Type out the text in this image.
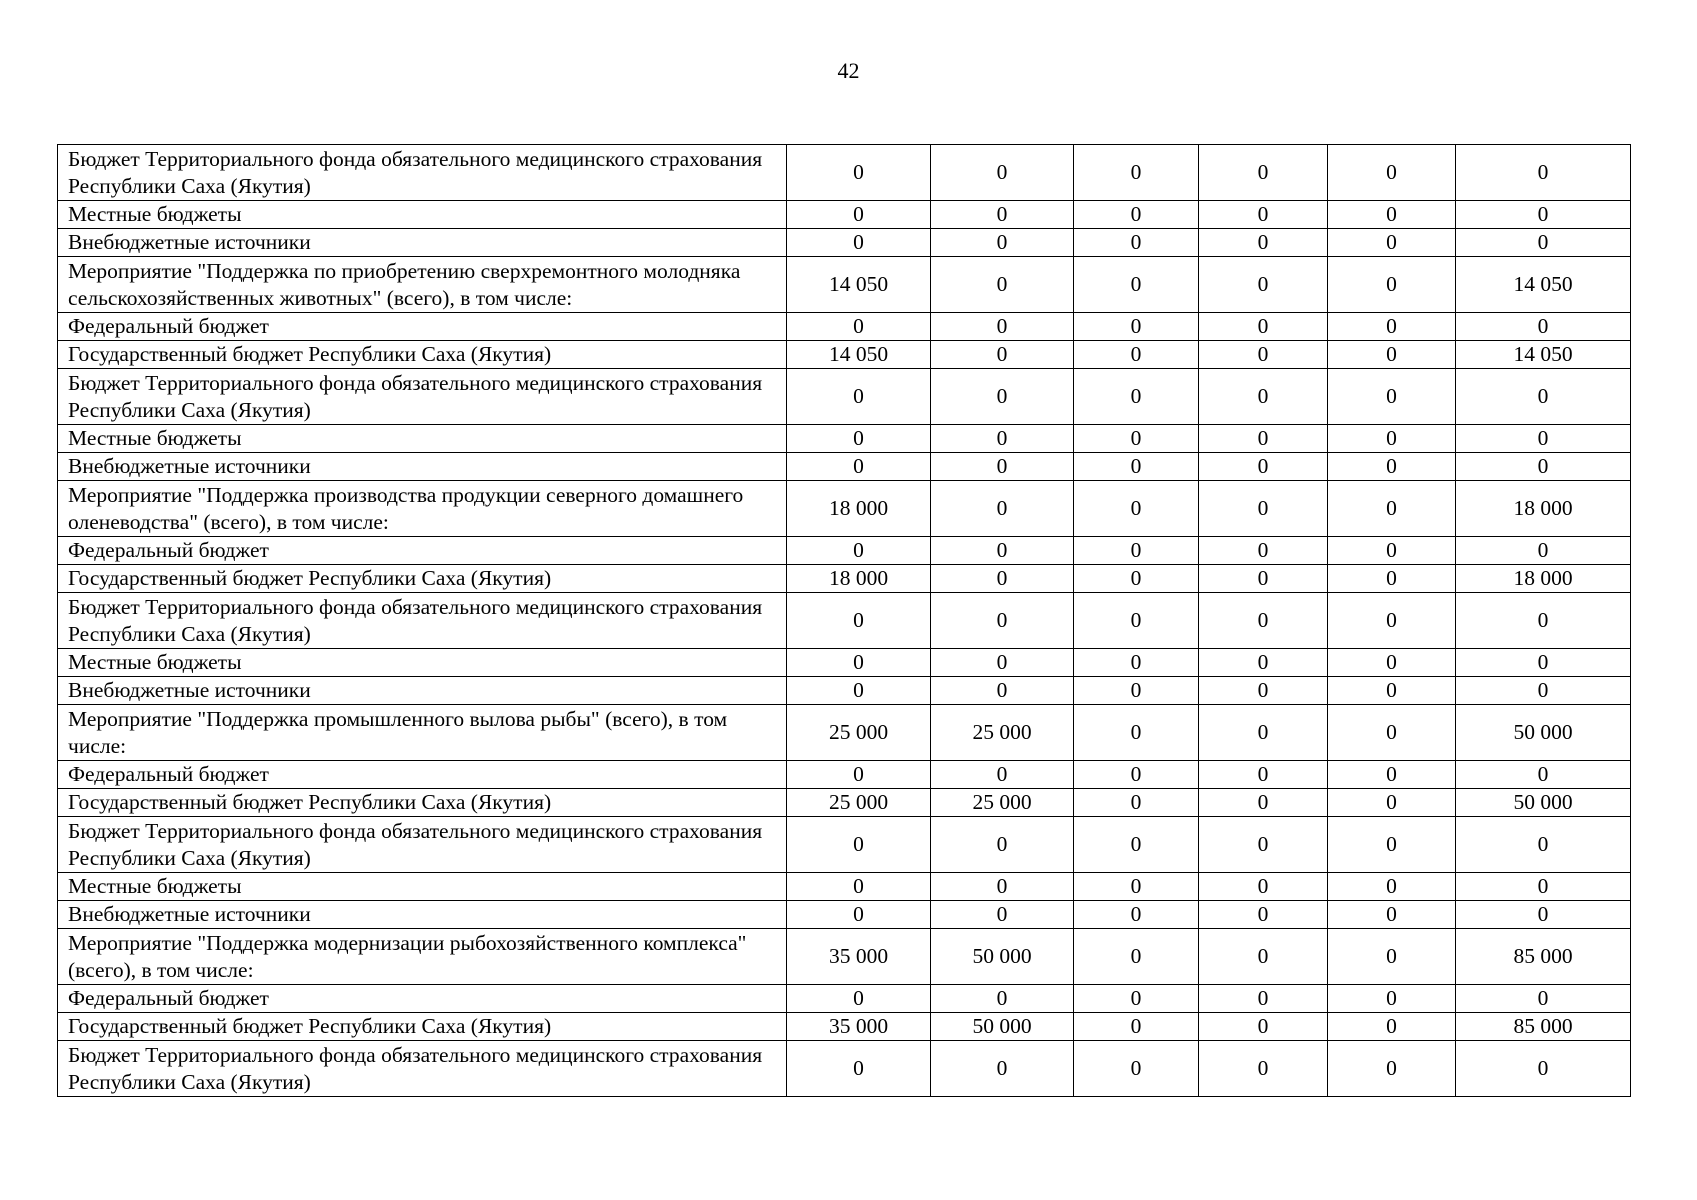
42
Бюджет Территориального фонда обязательного медицинского страхования Республики Саха (Якутия)	0	0	0	0	0	0
Местные бюджеты	0	0	0	0	0	0
Внебюджетные источники	0	0	0	0	0	0
Мероприятие "Поддержка по приобретению сверхремонтного молодняка сельскохозяйственных животных" (всего), в том числе:	14 050	0	0	0	0	14 050
Федеральный бюджет	0	0	0	0	0	0
Государственный бюджет Республики Саха (Якутия)	14 050	0	0	0	0	14 050
Бюджет Территориального фонда обязательного медицинского страхования Республики Саха (Якутия)	0	0	0	0	0	0
Местные бюджеты	0	0	0	0	0	0
Внебюджетные источники	0	0	0	0	0	0
Мероприятие "Поддержка производства продукции северного домашнего оленеводства" (всего), в том числе:	18 000	0	0	0	0	18 000
Федеральный бюджет	0	0	0	0	0	0
Государственный бюджет Республики Саха (Якутия)	18 000	0	0	0	0	18 000
Бюджет Территориального фонда обязательного медицинского страхования Республики Саха (Якутия)	0	0	0	0	0	0
Местные бюджеты	0	0	0	0	0	0
Внебюджетные источники	0	0	0	0	0	0
Мероприятие "Поддержка промышленного вылова рыбы" (всего), в том числе:	25 000	25 000	0	0	0	50 000
Федеральный бюджет	0	0	0	0	0	0
Государственный бюджет Республики Саха (Якутия)	25 000	25 000	0	0	0	50 000
Бюджет Территориального фонда обязательного медицинского страхования Республики Саха (Якутия)	0	0	0	0	0	0
Местные бюджеты	0	0	0	0	0	0
Внебюджетные источники	0	0	0	0	0	0
Мероприятие "Поддержка модернизации рыбохозяйственного комплекса" (всего), в том числе:	35 000	50 000	0	0	0	85 000
Федеральный бюджет	0	0	0	0	0	0
Государственный бюджет Республики Саха (Якутия)	35 000	50 000	0	0	0	85 000
Бюджет Территориального фонда обязательного медицинского страхования Республики Саха (Якутия)	0	0	0	0	0	0
